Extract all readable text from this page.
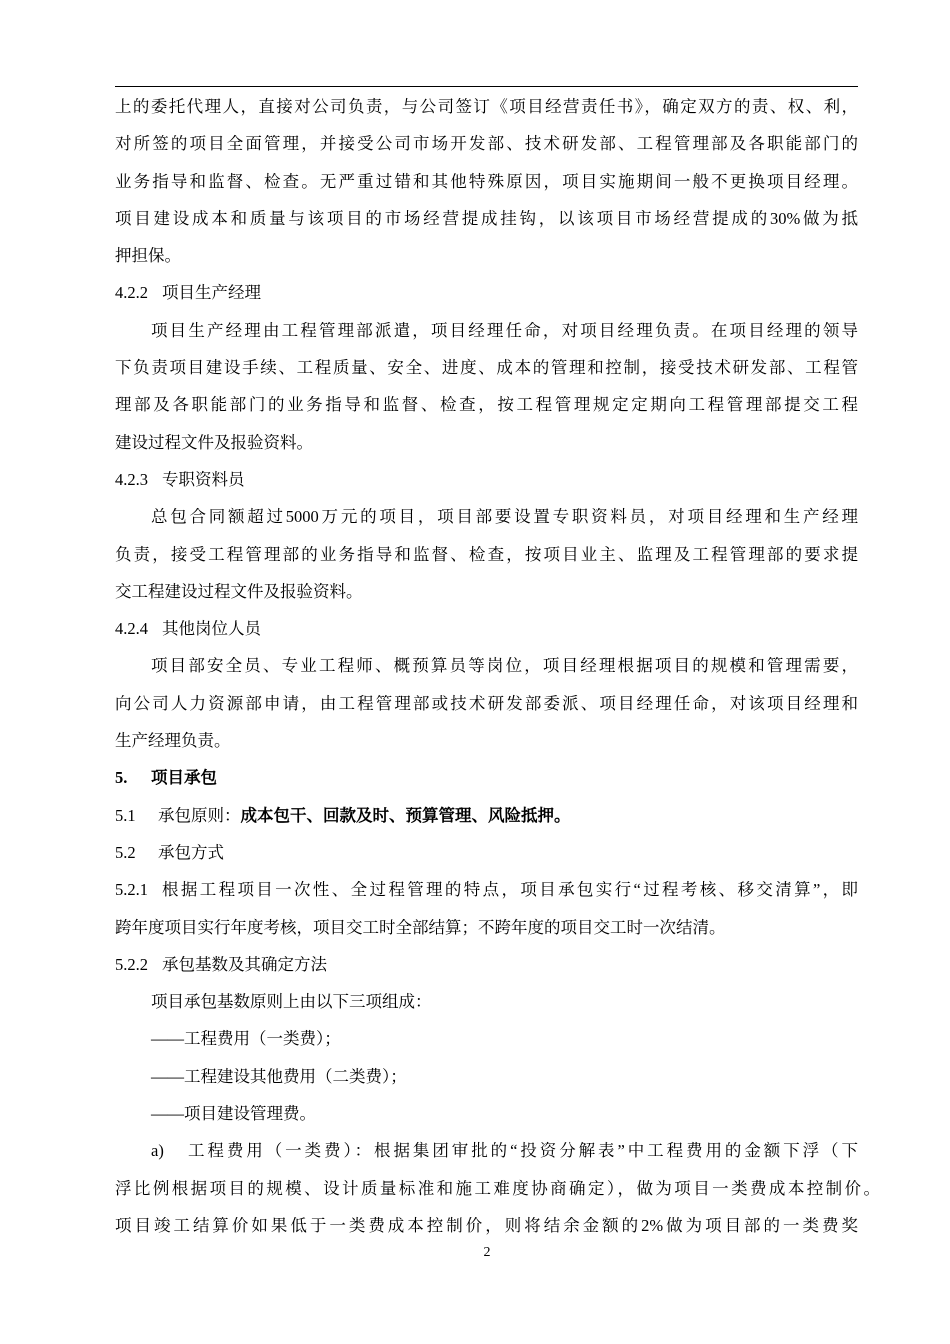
上的委托代理人，直接对公司负责，与公司签订《项目经营责任书》，确定双方的责、权、利，
对所签的项目全面管理，并接受公司市场开发部、技术研发部、工程管理部及各职能部门的
业务指导和监督、检查。无严重过错和其他特殊原因，项目实施期间一般不更换项目经理。
项目建设成本和质量与该项目的市场经营提成挂钩，以该项目市场经营提成的30%做为抵
押担保。
4.2.2 项目生产经理
项目生产经理由工程管理部派遣，项目经理任命，对项目经理负责。在项目经理的领导
下负责项目建设手续、工程质量、安全、进度、成本的管理和控制，接受技术研发部、工程管
理部及各职能部门的业务指导和监督、检查，按工程管理规定定期向工程管理部提交工程
建设过程文件及报验资料。
4.2.3 专职资料员
总包合同额超过5000万元的项目，项目部要设置专职资料员，对项目经理和生产经理
负责，接受工程管理部的业务指导和监督、检查，按项目业主、监理及工程管理部的要求提
交工程建设过程文件及报验资料。
4.2.4 其他岗位人员
项目部安全员、专业工程师、概预算员等岗位，项目经理根据项目的规模和管理需要，
向公司人力资源部申请，由工程管理部或技术研发部委派、项目经理任命，对该项目经理和
生产经理负责。
5.	项目承包
5.1	承包原则： 成本包干、回款及时、预算管理、风险抵押。
5.2	承包方式
5.2.1 根据工程项目一次性、全过程管理的特点，项目承包实行“过程考核、移交清算”，即
跨年度项目实行年度考核，项目交工时全部结算；不跨年度的项目交工时一次结清。
5.2.2 承包基数及其确定方法
项目承包基数原则上由以下三项组成：
——工程费用（一类费）；
——工程建设其他费用（二类费）；
——项目建设管理费。
a)	工程费用（一类费）：根据集团审批的“投资分解表”中工程费用的金额下浮（下
浮比例根据项目的规模、设计质量标准和施工难度协商确定），做为项目一类费成本控制价。
项目竣工结算价如果低于一类费成本控制价，则将结余金额的2%做为项目部的一类费奖
2
